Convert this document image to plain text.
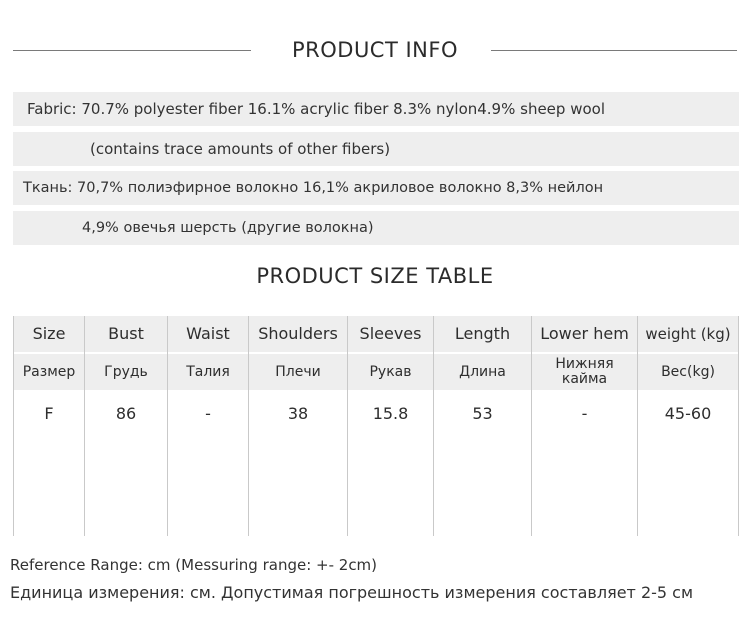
PRODUCT INFO
Fabric: 70.7% polyester fiber 16.1% acrylic fiber 8.3% nylon4.9% sheep wool
(contains trace amounts of other fibers)
Ткань: 70,7% полиэфирное волокно 16,1% акриловое волокно 8,3% нейлон
4,9% овечья шерсть (другие волокна)
PRODUCT SIZE TABLE
Size
Размер
F
Bust
Грудь
86
Waist
Талия
-
Shoulders
Плечи
38
Sleeves
Рукав
15.8
Length
Длина
53
Lower hem
Нижняя кайма
-
weight (kg)
Вес(kg)
45-60
Reference Range: cm (Messuring range: +- 2cm)
Единица измерения: см. Допустимая погрешность измерения составляет 2-5 см
